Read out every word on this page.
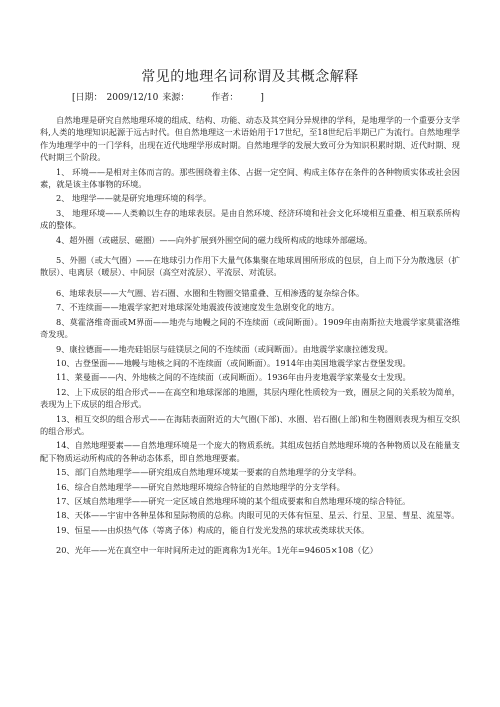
常见的地理名词称谓及其概念解释
[日期： 2009/12/10 来源： 作者： ]
自然地理是研究自然地理环境的组成、结构、功能、动态及其空间分异规律的学科，是地理学的一个重要分支学科,人类的地理知识起源于远古时代。但自然地理这一术语始用于17世纪，至18世纪后半期已广为流行。自然地理学作为地理学中的一门学科，出现在近代地理学形成时期。自然地理学的发展大致可分为知识积累时期、近代时期、现代时期三个阶段。
1、 环境——是相对主体而言的。那些围绕着主体、占据一定空间、构成主体存在条件的各种物质实体或社会因素，就是该主体事物的环境。
2、 地理学——就是研究地理环境的科学。
3、 地理环境——人类赖以生存的地球表层。是由自然环境、经济环境和社会文化环境相互重叠、相互联系所构成的整体。
4、超外圈（或磁层、磁圈）——向外扩展到外围空间的磁力线所构成的地球外部磁场。
5、外圈（或大气圈）——在地球引力作用下大量气体集聚在地球周围所形成的包层，自上而下分为散逸层（扩散层）、电离层（暖层）、中间层（高空对流层）、平流层、对流层。
6、地球表层——大气圈、岩石圈、水圈和生物圈交错重叠、互相渗透的复杂综合体。
7、不连续面——地震学家把对地球深处地震波传波速度发生急剧变化的地方。
8、莫霍洛维奇面或M界面——地壳与地幔之间的不连续面（或间断面）。1909年由南斯拉夫地震学家莫霍洛维奇发现。
9、康拉德面——地壳硅铝层与硅镁层之间的不连续面（或间断面）。由地震学家康拉德发现。
10、古登堡面——地幔与地核之间的不连续面（或间断面）。1914年由美国地震学家古登堡发现。
11、莱曼面——内、外地核之间的不连续面（或间断面）。1936年由丹麦地震学家莱曼女士发现。
12、上下成层的组合形式——在高空和地球深部的地圈，其层内理化性质较为一致，圈层之间的关系较为简单，表现为上下成层的组合形式。
13、相互交织的组合形式——在海陆表面附近的大气圈(下部)、水圈、岩石圈(上部)和生物圈则表现为相互交织的组合形式。
14、自然地理要素——自然地理环境是一个庞大的物质系统。其组成包括自然地理环境的各种物质以及在能量支配下物质运动所构成的各种动态体系，即自然地理要素。
15、部门自然地理学——研究组成自然地理环境某一要素的自然地理学的分支学科。
16、综合自然地理学——研究自然地理环境综合特征的自然地理学的分支学科。
17、区域自然地理学——研究一定区域自然地理环境的某个组成要素和自然地理环境的综合特征。
18、天体——宇宙中各种星体和星际物质的总称。肉眼可见的天体有恒星、星云、行星、卫星、彗星、流星等。
19、恒星——由炽热气体（等离子体）构成的，能自行发光发热的球状或类球状天体。
20、光年——光在真空中一年时间所走过的距离称为1光年。1光年=94605×108（亿）
